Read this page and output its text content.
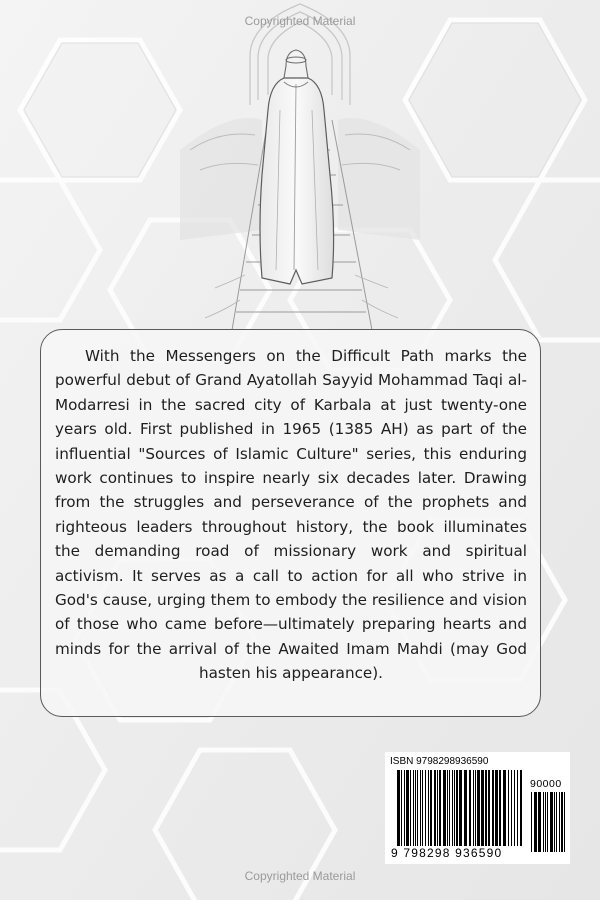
Copyrighted Material

With the Messengers on the Difficult Path marks the powerful debut of Grand Ayatollah Sayyid Mohammad Taqi al-Modarresi in the sacred city of Karbala at just twenty-one years old. First published in 1965 (1385 AH) as part of the influential "Sources of Islamic Culture" series, this enduring work continues to inspire nearly six decades later. Drawing from the struggles and perseverance of the prophets and righteous leaders throughout history, the book illuminates the demanding road of missionary work and spiritual activism. It serves as a call to action for all who strive in God's cause, urging them to embody the resilience and vision of those who came before—ultimately preparing hearts and minds for the arrival of the Awaited Imam Mahdi (may God hasten his appearance).

ISBN 9798298936590
90000
9 798298 936590
Copyrighted Material
